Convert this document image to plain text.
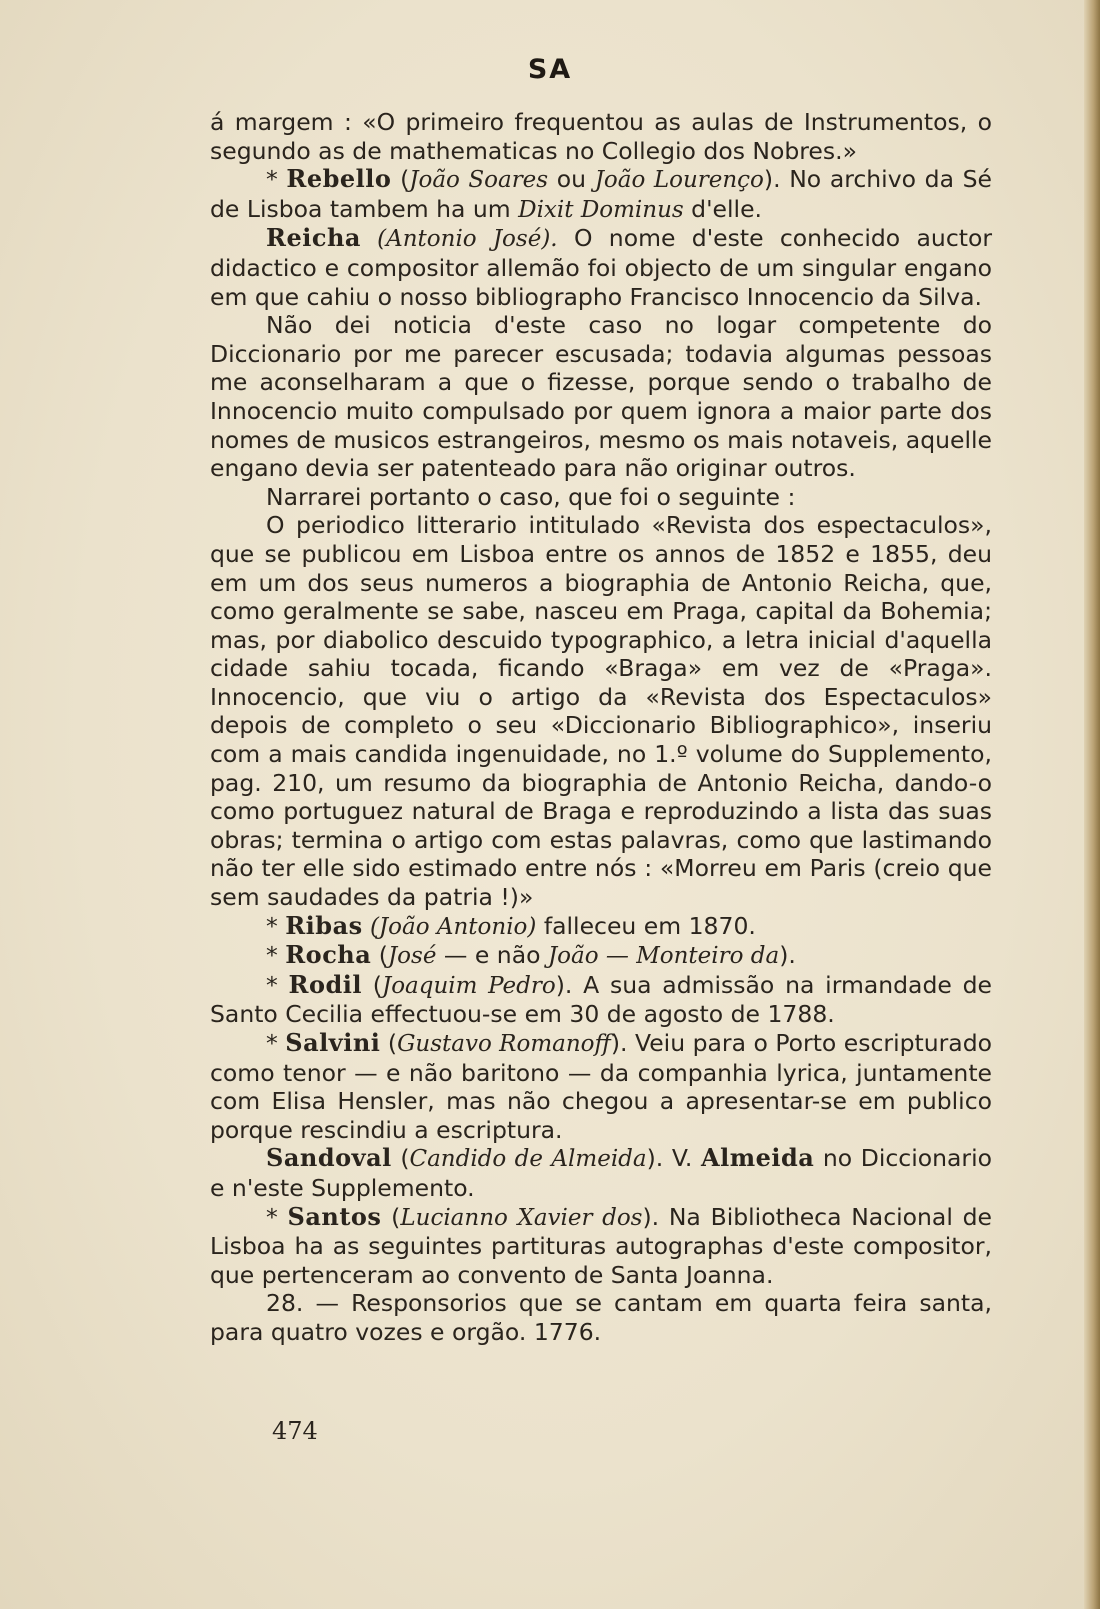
SA

á margem : «O primeiro frequentou as aulas de Instrumentos, o segundo as de mathematicas no Collegio dos Nobres.»

* Rebello (João Soares ou João Lourenço). No archivo da Sé de Lisboa tambem ha um Dixit Dominus d'elle.

Reicha (Antonio José). O nome d'este conhecido auctor didactico e compositor allemão foi objecto de um singular engano em que cahiu o nosso bibliographo Francisco Innocencio da Silva.

Não dei noticia d'este caso no logar competente do Diccionario por me parecer escusada; todavia algumas pessoas me aconselharam a que o fizesse, porque sendo o trabalho de Innocencio muito compulsado por quem ignora a maior parte dos nomes de musicos estrangeiros, mesmo os mais notaveis, aquelle engano devia ser patenteado para não originar outros.

Narrarei portanto o caso, que foi o seguinte :

O periodico litterario intitulado «Revista dos espectaculos», que se publicou em Lisboa entre os annos de 1852 e 1855, deu em um dos seus numeros a biographia de Antonio Reicha, que, como geralmente se sabe, nasceu em Praga, capital da Bohemia; mas, por diabolico descuido typographico, a letra inicial d'aquella cidade sahiu tocada, ficando «Braga» em vez de «Praga». Innocencio, que viu o artigo da «Revista dos Espectaculos» depois de completo o seu «Diccionario Bibliographico», inseriu com a mais candida ingenuidade, no 1.º volume do Supplemento, pag. 210, um resumo da biographia de Antonio Reicha, dando-o como portuguez natural de Braga e reproduzindo a lista das suas obras; termina o artigo com estas palavras, como que lastimando não ter elle sido estimado entre nós : «Morreu em Paris (creio que sem saudades da patria !)»

* Ribas (João Antonio) falleceu em 1870.

* Rocha (José — e não João — Monteiro da).

* Rodil (Joaquim Pedro). A sua admissão na irmandade de Santo Cecilia effectuou-se em 30 de agosto de 1788.

* Salvini (Gustavo Romanoff). Veiu para o Porto escripturado como tenor — e não baritono — da companhia lyrica, juntamente com Elisa Hensler, mas não chegou a apresentar-se em publico porque rescindiu a escriptura.

Sandoval (Candido de Almeida). V. Almeida no Diccionario e n'este Supplemento.

* Santos (Lucianno Xavier dos). Na Bibliotheca Nacional de Lisboa ha as seguintes partituras autographas d'este compositor, que pertenceram ao convento de Santa Joanna.

28. — Responsorios que se cantam em quarta feira santa, para quatro vozes e orgão. 1776.

474
